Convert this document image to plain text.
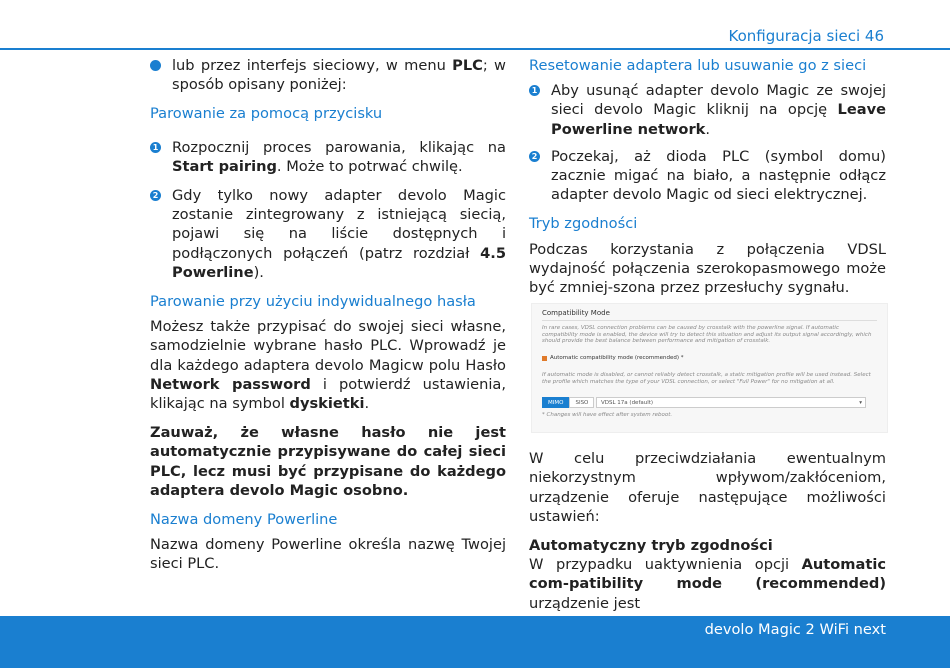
Konfiguracja sieci 46

lub przez interfejs sieciowy, w menu PLC; w sposób opisany poniżej:

Parowanie za pomocą przycisku

1 Rozpocznij proces parowania, klikając na Start pairing. Może to potrwać chwilę.

2 Gdy tylko nowy adapter devolo Magic zostanie zintegrowany z istniejącą siecią, pojawi się na liście dostępnych i podłączonych połączeń (patrz rozdział 4.5 Powerline).

Parowanie przy użyciu indywidualnego hasła

Możesz także przypisać do swojej sieci własne, samodzielnie wybrane hasło PLC. Wprowadź je dla każdego adaptera devolo Magicw polu Hasło Network password i potwierdź ustawienia, klikając na symbol dyskietki.

Zauważ, że własne hasło nie jest automatycznie przypisywane do całej sieci PLC, lecz musi być przypisane do każdego adaptera devolo Magic osobno.

Nazwa domeny Powerline

Nazwa domeny Powerline określa nazwę Twojej sieci PLC.

Resetowanie adaptera lub usuwanie go z sieci

1 Aby usunąć adapter devolo Magic ze swojej sieci devolo Magic kliknij na opcję Leave Powerline network.

2 Poczekaj, aż dioda PLC (symbol domu) zacznie migać na biało, a następnie odłącz adapter devolo Magic od sieci elektrycznej.

Tryb zgodności

Podczas korzystania z połączenia VDSL wydajność połączenia szerokopasmowego może być zmniej-szona przez przesłuchy sygnału.

Compatibility Mode
In rare cases, VDSL connection problems can be caused by crosstalk with the powerline signal. If automatic compatibility mode is enabled, the device will try to detect this situation and adjust its output signal accordingly, which should provide the best balance between performance and mitigation of crosstalk.
Automatic compatibility mode (recommended) *
If automatic mode is disabled, or cannot reliably detect crosstalk, a static mitigation profile will be used instead. Select the profile which matches the type of your VDSL connection, or select "Full Power" for no mitigation at all.
MIMO	SISO	VDSL 17a (default)	▾
* Changes will have effect after system reboot.

W celu przeciwdziałania ewentualnym niekorzystnym wpływom/zakłóceniom, urządzenie oferuje następujące możliwości ustawień:

Automatyczny tryb zgodności

W przypadku uaktywnienia opcji Automatic com-patibility mode (recommended) urządzenie jest

devolo Magic 2 WiFi next
